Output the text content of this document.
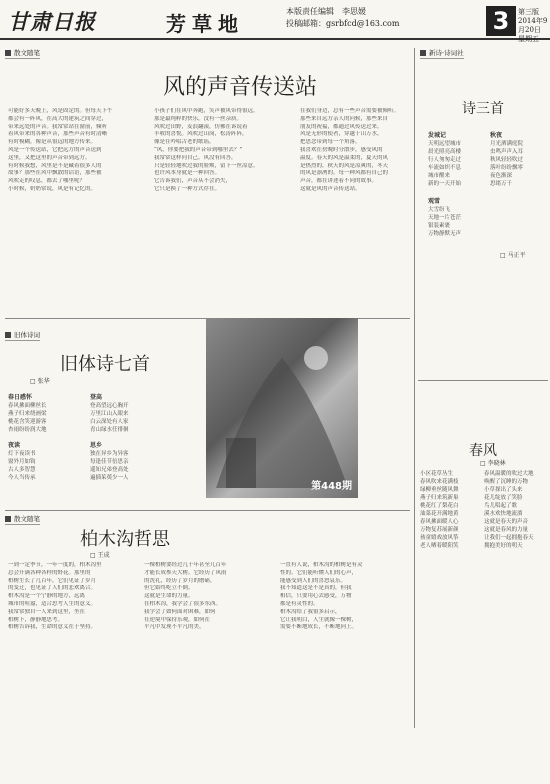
甘肃日报	芳草地
本版责任编辑　李思媛
投稿邮箱：gsrbfcd@163.com	3	第三版
2014年9月20日
星期五
散文随笔
风的声音传送站
可能好多天晚上，风是固定的。但每天下午
都会有一阵风，在高大的建筑之间穿过，
带来远处的声音。我常常站在窗前，倾听
着风带来的各种声音，那些声音有时清晰
有时模糊，像是从很远的地方传来。
风是一个传送站，它把远方的声音送到
这里，又把这里的声音带到远方。
有时候我想，风里是不是藏着很多人的
故事？那些在风中飘散的话语，那些被
风吹走的叹息，都去了哪里呢？
小时候，奶奶常说，风是有记忆的。
小孩子们在风中奔跑，笑声被风带得很远。
那是最纯粹的快乐，没有一丝杂质。
风吹过田野，麦浪翻滚，仿佛在诉说着
丰收的喜悦。风吹过山岗，松涛阵阵，
像是在吟唱古老的歌谣。
“风，你要把我的声音带到哪里去？”
我常常这样问自己。风没有回答，
只是轻轻地吹过我的脸颊，留下一丝凉意。
也许风本身就是一种回答。
它告诉我们，声音从不会消失，
它只是换了一种方式存在。
在我们身边，总有一些声音需要被倾听。
那些来自远方亲人的问候，那些来自
朋友的祝福，都通过风传送过来。
风是无形的使者，穿越千山万水，
把思念带到每一个角落。
我喜欢在傍晚时分散步，感受风的
温度。春天的风是温柔的，夏天的风
是热烈的，秋天的风是凉爽的，冬天
的风是凛冽的。每一种风都有自己的
声音，都在讲述着不同的故事。
这就是风的声音传送站。
新诗·诗词社
诗三首
发城记
天明远望城市
晨光照亮高楼
行人匆匆走过
车流如织不息
城市醒来
新的一天开始
秋夜
月光洒满庭院
虫鸣声声入耳
秋风轻轻吹过
落叶纷纷飘零
夜色渐深
思绪万千
观雪
大雪纷飞
天地一片苍茫
银装素裹
万物静默无声
□ 马正平
旧体诗词
旧体诗七首
□ 张华
春日感怀
春风拂面柳丝长
燕子归来绕画梁
桃花含笑迎游客
杏雨纷纷润大地
登高
登高望远心胸开
万里江山入眼来
白云深处有人家
青山绿水任徘徊
夜读
灯下夜读书
窗外月如钩
古人多智慧
今人当传承
思乡
独在异乡为异客
每逢佳节倍思亲
遥知兄弟登高处
遍插茱萸少一人
第448期
春风
□ 李晓林
小区花草丛生
春风吹来花满枝
绿柳垂丝随风舞
燕子归来筑新巢
桃花红了梨花白
油菜花开满地黄
春风拂面暖人心
万物复苏展新颜
孩童嬉戏放风筝
老人晒着暖阳笑
春风温暖的吹过大地
唤醒了沉睡的万物
小草探出了头来
花儿绽放了笑脸
鸟儿唱起了歌
溪水欢快地流淌
这就是春天的声音
这就是春风的力量
让我们一起拥抱春天
拥抱美好的明天
散文随笔
柏木沟哲思
□ 王成
一到一定季节，一年一度的，柏木沟里
总会开满各种各样的野花。那里的
柏树生长了几百年，它们见证了岁月
的变迁，也见证了人们的悲欢离合。
柏木沟是一个宁静的地方，远离
城市的喧嚣，适合思考人生的意义。
我常常独自一人来到这里，坐在
柏树下，静静地思考。
柏树告诉我，生命的意义在于坚持。
一棵柏树要经过几十年甚至几百年
才能长成参天大树。它经历了风雨
的洗礼，经历了岁月的磨砺，
但它始终屹立不倒。
这就是生命的力量。
在柏木沟，我学会了很多东西。
我学会了如何面对困难，如何
在逆境中保持乐观，如何在
平凡中发现不平凡的美。
一直有人说，柏木沟的柏树是有灵
性的。它们能听懂人们的心声，
能感受到人们的喜怒哀乐。
我不知道这是不是真的，但我
相信，只要用心去感受，万物
都是有灵性的。
柏木沟给了我很多启示，
它让我明白，人生就像一棵树，
需要不断地成长，不断地向上。
